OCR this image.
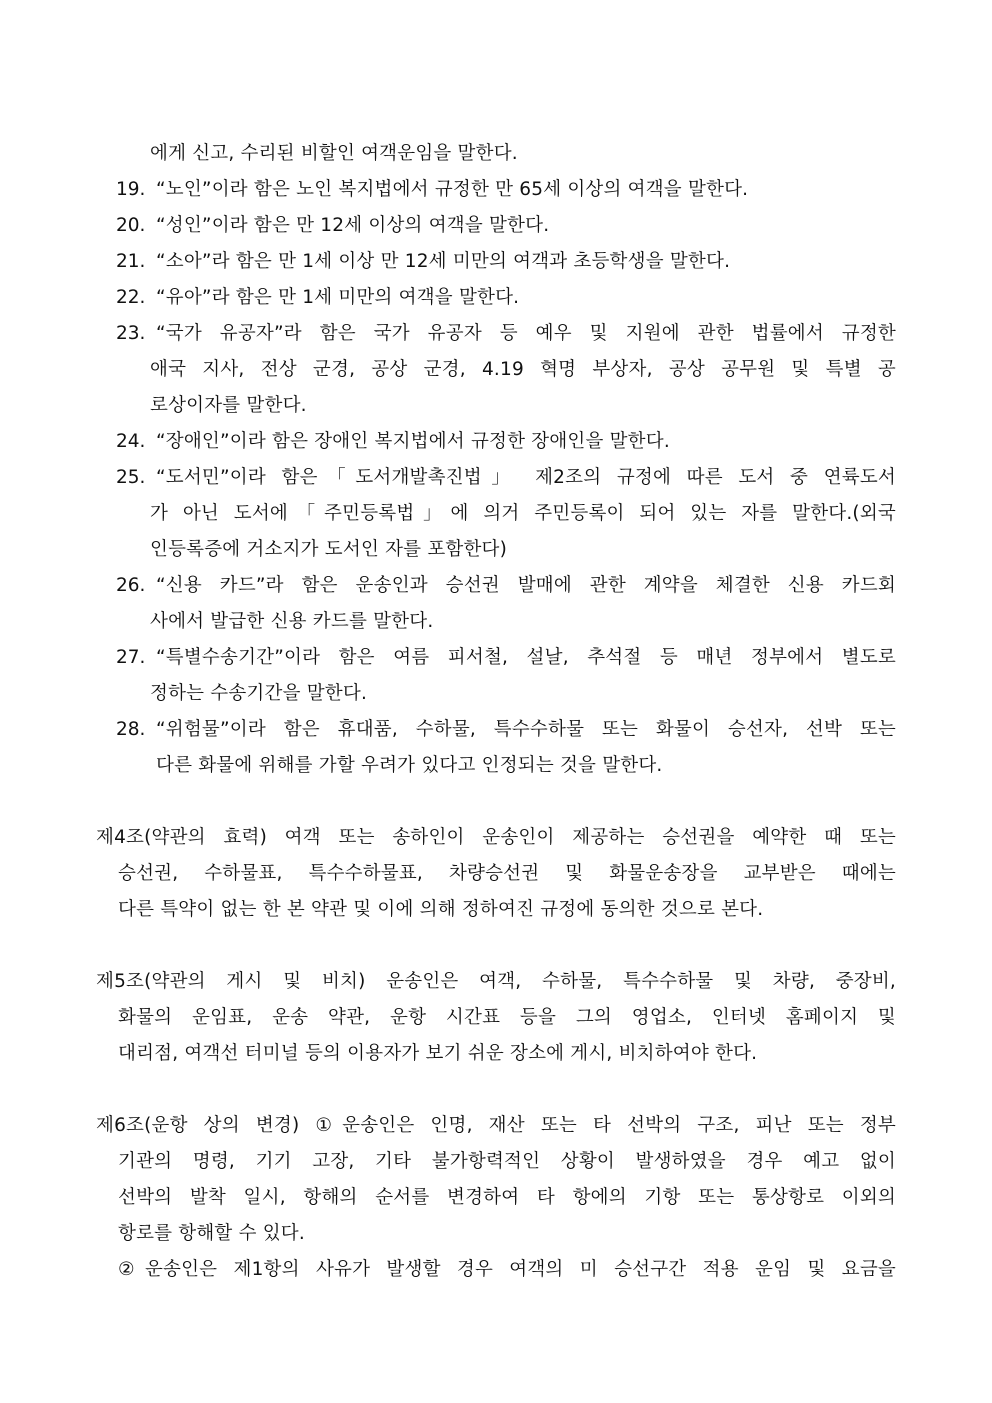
에게 신고, 수리된 비할인 여객운임을 말한다.
19. “노인”이라 함은 노인 복지법에서 규정한 만 65세 이상의 여객을 말한다.
20. “성인”이라 함은 만 12세 이상의 여객을 말한다.
21. “소아”라 함은 만 1세 이상 만 12세 미만의 여객과 초등학생을 말한다.
22. “유아”라 함은 만 1세 미만의 여객을 말한다.
23. “국가 유공자”라 함은 국가 유공자 등 예우 및 지원에 관한 법률에서 규정한
애국 지사, 전상 군경, 공상 군경, 4.19 혁명 부상자, 공상 공무원 및 특별 공
로상이자를 말한다.
24. “장애인”이라 함은 장애인 복지법에서 규정한 장애인을 말한다.
25. “도서민”이라 함은「도서개발촉진법」 제2조의 규정에 따른 도서 중 연륙도서
가 아닌 도서에「주민등록법」에 의거 주민등록이 되어 있는 자를 말한다.(외국
인등록증에 거소지가 도서인 자를 포함한다)
26. “신용 카드”라 함은 운송인과 승선권 발매에 관한 계약을 체결한 신용 카드회
사에서 발급한 신용 카드를 말한다.
27. “특별수송기간”이라 함은 여름 피서철, 설날, 추석절 등 매년 정부에서 별도로
정하는 수송기간을 말한다.
28. “위험물”이라 함은 휴대품, 수하물, 특수수하물 또는 화물이 승선자, 선박 또는
다른 화물에 위해를 가할 우려가 있다고 인정되는 것을 말한다.
제4조(약관의 효력) 여객 또는 송하인이 운송인이 제공하는 승선권을 예약한 때 또는
승선권, 수하물표, 특수수하물표, 차량승선권 및 화물운송장을 교부받은 때에는
다른 특약이 없는 한 본 약관 및 이에 의해 정하여진 규정에 동의한 것으로 본다.
제5조(약관의 게시 및 비치) 운송인은 여객, 수하물, 특수수하물 및 차량, 중장비,
화물의 운임표, 운송 약관, 운항 시간표 등을 그의 영업소, 인터넷 홈페이지 및
대리점, 여객선 터미널 등의 이용자가 보기 쉬운 장소에 게시, 비치하여야 한다.
제6조(운항 상의 변경) ①운송인은 인명, 재산 또는 타 선박의 구조, 피난 또는 정부
기관의 명령, 기기 고장, 기타 불가항력적인 상황이 발생하였을 경우 예고 없이
선박의 발착 일시, 항해의 순서를 변경하여 타 항에의 기항 또는 통상항로 이외의
항로를 항해할 수 있다.
②운송인은 제1항의 사유가 발생할 경우 여객의 미 승선구간 적용 운임 및 요금을
